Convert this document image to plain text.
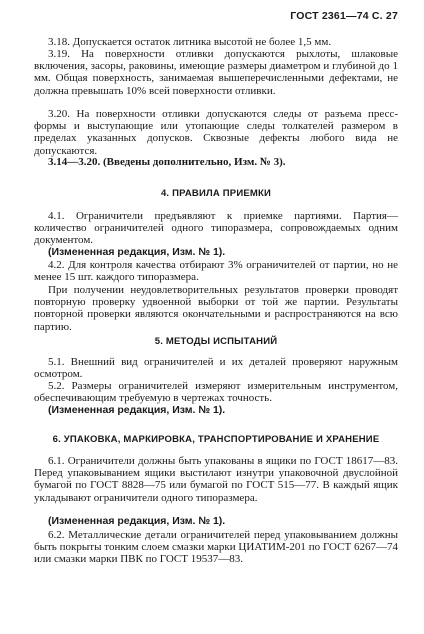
ГОСТ 2361—74 С. 27

3.18. Допускается остаток литника высотой не более 1,5 мм.

3.19. На поверхности отливки допускаются рыхлоты, шлаковые включения, засоры, раковины, имеющие размеры диаметром и глубиной до 1 мм. Общая поверхность, занимаемая вышеперечисленными дефектами, не должна превышать 10% всей поверхности отливки.

3.20. На поверхности отливки допускаются следы от разъема пресс-формы и выступающие или утопающие следы толкателей размером в пределах указанных допусков. Сквозные дефекты любого вида не допускаются.

3.14—3.20. (Введены дополнительно, Изм. № 3).

4. ПРАВИЛА ПРИЕМКИ

4.1. Ограничители предъявляют к приемке партиями. Партия— количество ограничителей одного типоразмера, сопровождаемых одним документом.

(Измененная редакция, Изм. № 1).

4.2. Для контроля качества отбирают 3% ограничителей от партии, но не менее 15 шт. каждого типоразмера.

При получении неудовлетворительных результатов проверки проводят повторную проверку удвоенной выборки от той же партии. Результаты повторной проверки являются окончательными и распространяются на всю партию.

5. МЕТОДЫ ИСПЫТАНИЙ

5.1. Внешний вид ограничителей и их деталей проверяют наружным осмотром.

5.2. Размеры ограничителей измеряют измерительным инструментом, обеспечивающим требуемую в чертежах точность.

(Измененная редакция, Изм. № 1).

6. УПАКОВКА, МАРКИРОВКА, ТРАНСПОРТИРОВАНИЕ И ХРАНЕНИЕ

6.1. Ограничители должны быть упакованы в ящики по ГОСТ 18617—83. Перед упаковыванием ящики выстилают изнутри упаковочной двуслойной бумагой по ГОСТ 8828—75 или бумагой по ГОСТ 515—77. В каждый ящик укладывают ограничители одного типоразмера.

(Измененная редакция, Изм. № 1).

6.2. Металлические детали ограничителей перед упаковыванием должны быть покрыты тонким слоем смазки марки ЦИАТИМ-201 по ГОСТ 6267—74 или смазки марки ПВК по ГОСТ 19537—83.
